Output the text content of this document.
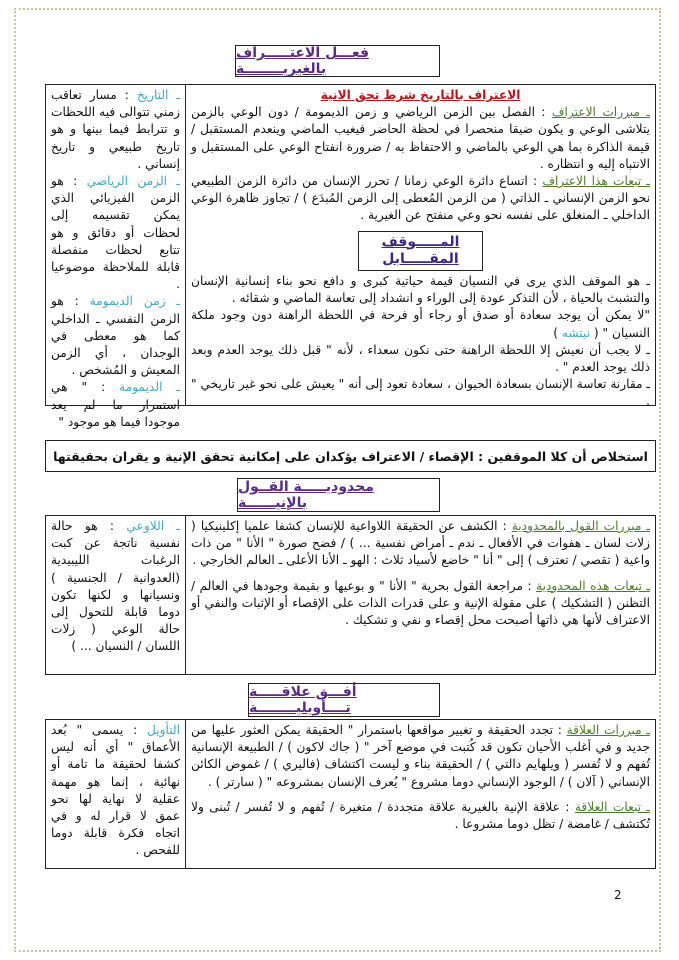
فعـــل الاعتـــــراف بالغيريــــــــة
الاعتراف بالتاريخ شرط تحق الانية

ـ مبررات الاعتراف : الفصل بين الزمن الرياضي و زمن الديمومة / دون الوعي بالزمن يتلاشى الوعي و يكون ضيقا منحصرا في لحظة الحاضر فيغيب الماضي وينعدم المستقبل / قيمة الذاكرة بما هي الوعي بالماضي و الاحتفاظ به / ضرورة انفتاح الوعي على المستقبل و الانتباه إليه و انتظاره .

ـ تبعات هذا الاعتراف : اتساع دائرة الوعي زمانا / تحرر الإنسان من دائرة الزمن الطبيعي نحو الزمن الإنساني ـ الذاتي ( من الزمن المُعطى إلى الزمن المُبدَع ) / تجاوز ظاهرة الوعي الداخلي ـ المنغلق على نفسه نحو وعي منفتح عن الغيرية .

المـــــوقف المقـــــابل

ـ هو الموقف الذي يرى في النسيان قيمة حياتية كبرى و دافع نحو بناء إنسانية الإنسان والتشبث بالحياة ، لأن التذكر عودة إلى الوراء و انشداد إلى تعاسة الماضي و شقائه .

"لا يمكن أن يوجد سعادة أو صدق أو رجاء أو فرحة في اللحظة الراهنة دون وجود ملكة النسيان " ( نيتشه )

ـ لا يجب أن نعيش إلا اللحظة الراهنة حتى نكون سعداء ، لأنه " قبل ذلك يوجد العدم وبعد ذلك يوجد العدم " .

ـ مقارنة تعاسة الإنسان بسعادة الحيوان ، سعادة تعود إلى أنه " يعيش على نحو غير تاريخي " .

ـ التاريخ : مسار تعاقب زمني تتوالى فيه اللحظات و تترابط فيما بينها و هو تاريخ طبيعي و تاريخ إنساني .

ـ الزمن الرياضي : هو الزمن الفيزيائي الذي يمكن تقسيمه إلى لحظات أو دقائق و هو تتابع لحظات منفصلة قابلة للملاحظة موضوعيا .

ـ زمن الديمومة : هو الزمن النفسي ـ الداخلي كما هو معطى في الوجدان ، أي الزمن المعيش و المُشخص .

ـ الديمومة : " هي استمرار ما لم يعد موجودا فيما هو موجود "

استخلاص أن كلا الموقفين : الإقصاء / الاعتراف يؤكدان على إمكانية تحقق الإنية و يقران بحقيقتها
محدوديـــــة القــول بالإنيــــــة

ـ مبررات القول بالمحدودية : الكشف عن الحقيقة اللاواعية للإنسان كشفا علميا إكلينيكيا ( زلات لسان ـ هفوات في الأفعال ـ ندم ـ أمراض نفسية ... ) / فضح صورة " الأنا " من ذات واعية ( تقصي / تعترف ) إلى " أنا " خاضع لأسياد ثلاث : الهو ـ الأنا الأعلى ـ العالم الخارجي .

ـ تبعات هذه المحدودية : مراجعة القول بحرية " الأنا " و بوعيها و بقيمة وجودها في العالم / التظنن ( التشكيك ) على مقولة الإنية و على قدرات الذات على الإقصاء أو الإثبات والنفي أو الاعتراف لأنها هي ذاتها أصبحت محل إقصاء و نفي و تشكيك .

ـ اللاوعي : هو حالة نفسية ناتجة عن كبت الرغبات الليبيدية (العدوانية / الجنسية ) ونسيانها و لكنها تكون دوما قابلة للتحول إلى حالة الوعي ( زلات اللسان / النسيان ... )

أفـــق علاقـــــة تــــأويليــــــــة

ـ مبررات العلاقة : تجدد الحقيقة و تغيير مواقعها باستمرار " الحقيقة يمكن العثور عليها من جديد و في أغلب الأحيان تكون قد كُتبت في موضع آخر " ( جاك لاكون ) / الطبيعة الإنسانية تُفهم و لا تُفسر ( ويلهايم دالتي ) / الحقيقة بناء و ليست اكتشاف (فاليري ) / غموض الكائن الإنساني ( آلان ) / الوجود الإنساني دوما مشروع " يُعرف الإنسان بمشروعه " ( سارتر ) .

ـ تبعات العلاقة : علاقة الإنية بالغيرية علاقة متجددة / متغيرة / تُفهم و لا تُفسر / تُبنى ولا تُكتشف / غامضة / تظل دوما مشروعا .

التأويل : يسمى " بُعد الأعماق " أي أنه ليس كشفا لحقيقة ما تامة أو نهائية ، إنما هو مهمة عقلية لا نهاية لها نحو عمق لا قرار له و في اتجاه فكرة قابلة دوما للفحص .

2
